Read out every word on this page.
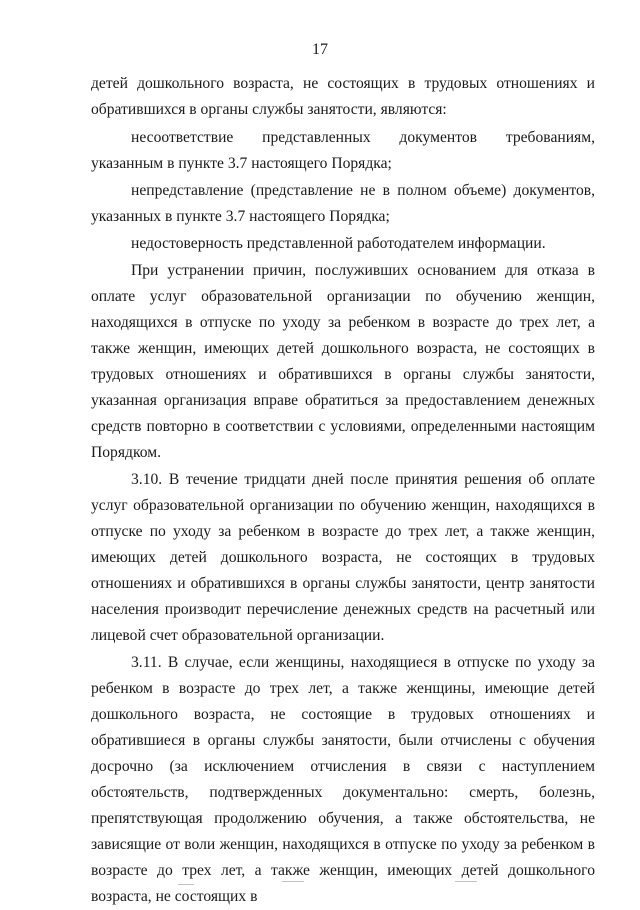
17

детей дошкольного возраста, не состоящих в трудовых отношениях и обратившихся в органы службы занятости, являются:

несоответствие представленных документов требованиям, указанным в пункте 3.7 настоящего Порядка;

непредставление (представление не в полном объеме) документов, указанных в пункте 3.7 настоящего Порядка;

недостоверность представленной работодателем информации.

При устранении причин, послуживших основанием для отказа в оплате услуг образовательной организации по обучению женщин, находящихся в отпуске по уходу за ребенком в возрасте до трех лет, а также женщин, имеющих детей дошкольного возраста, не состоящих в трудовых отношениях и обратившихся в органы службы занятости, указанная организация вправе обратиться за предоставлением денежных средств повторно в соответствии с условиями, определенными настоящим Порядком.

3.10. В течение тридцати дней после принятия решения об оплате услуг образовательной организации по обучению женщин, находящихся в отпуске по уходу за ребенком в возрасте до трех лет, а также женщин, имеющих детей дошкольного возраста, не состоящих в трудовых отношениях и обратившихся в органы службы занятости, центр занятости населения производит перечисление денежных средств на расчетный или лицевой счет образовательной организации.

3.11. В случае, если женщины, находящиеся в отпуске по уходу за ребенком в возрасте до трех лет, а также женщины, имеющие детей дошкольного возраста, не состоящие в трудовых отношениях и обратившиеся в органы службы занятости, были отчислены с обучения досрочно (за исключением отчисления в связи с наступлением обстоятельств, подтвержденных документально: смерть, болезнь, препятствующая продолжению обучения, а также обстоятельства, не зависящие от воли женщин, находящихся в отпуске по уходу за ребенком в возрасте до трех лет, а также женщин, имеющих детей дошкольного возраста, не состоящих в
